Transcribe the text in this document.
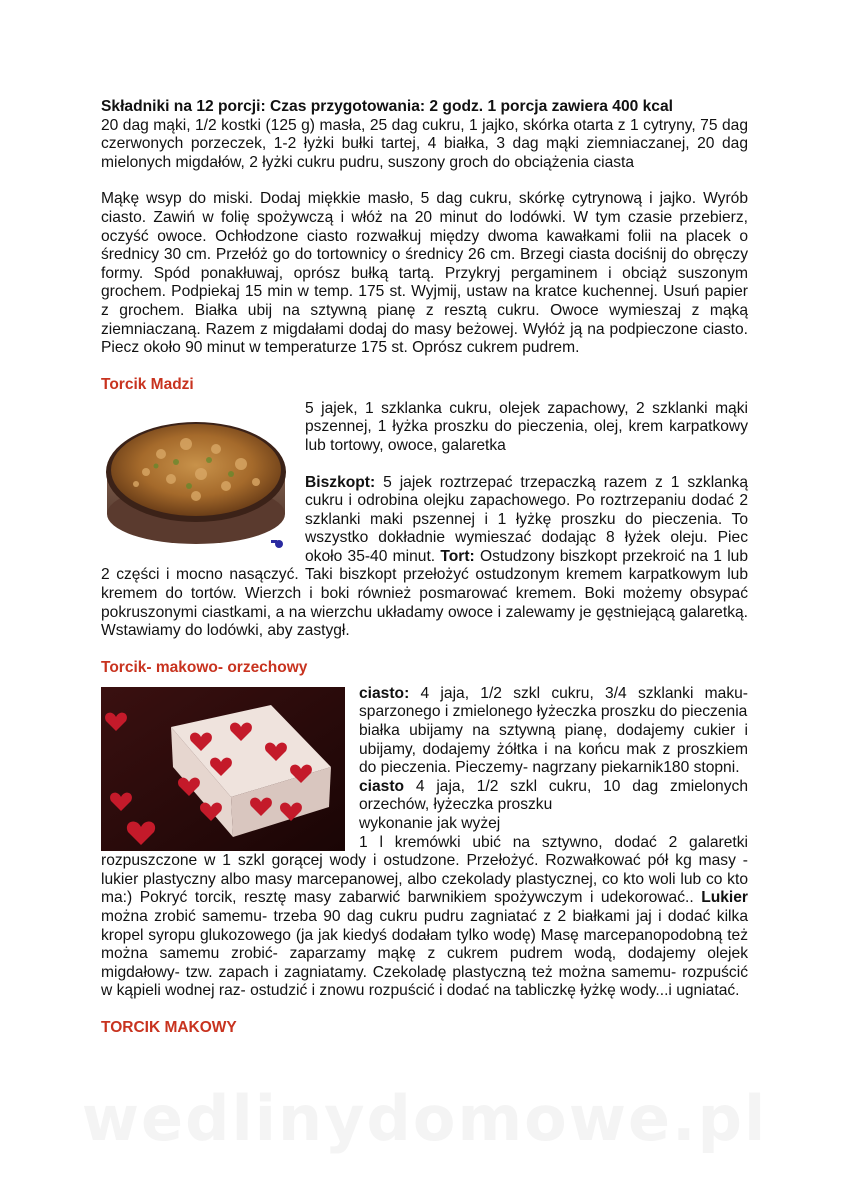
Składniki na 12 porcji: Czas przygotowania: 2 godz. 1 porcja zawiera 400 kcal

20 dag mąki, 1/2 kostki (125 g) masła, 25 dag cukru, 1 jajko, skórka otarta z 1 cytryny, 75 dag czerwonych porzeczek, 1-2 łyżki bułki tartej, 4 białka, 3 dag mąki ziemniaczanej, 20 dag mielonych migdałów, 2 łyżki cukru pudru, suszony groch do obciążenia ciasta

Mąkę wsyp do miski. Dodaj miękkie masło, 5 dag cukru, skórkę cytrynową i jajko. Wyrób ciasto. Zawiń w folię spożywczą i włóż na 20 minut do lodówki. W tym czasie przebierz, oczyść owoce. Ochłodzone ciasto rozwałkuj między dwoma kawałkami folii na placek o średnicy 30 cm. Przełóż go do tortownicy o średnicy 26 cm. Brzegi ciasta dociśnij do obręczy formy. Spód ponakłuwaj, oprósz bułką tartą. Przykryj pergaminem i obciąż suszonym grochem. Podpiekaj 15 min w temp. 175 st. Wyjmij, ustaw na kratce kuchennej. Usuń papier z grochem. Białka ubij na sztywną pianę z resztą cukru. Owoce wymieszaj z mąką ziemniaczaną. Razem z migdałami dodaj do masy beżowej. Wyłóż ją na podpieczone ciasto. Piecz około 90 minut w temperaturze 175 st. Oprósz cukrem pudrem.

Torcik Madzi

5 jajek, 1 szklanka cukru, olejek zapachowy, 2 szklanki mąki pszennej, 1 łyżka proszku do pieczenia, olej, krem karpatkowy lub tortowy, owoce, galaretka

Biszkopt: 5 jajek roztrzepać trzepaczką razem z 1 szklanką cukru i odrobina olejku zapachowego. Po roztrzepaniu dodać 2 szklanki maki pszennej i 1 łyżkę proszku do pieczenia. To wszystko dokładnie wymieszać dodając 8 łyżek oleju. Piec około 35-40 minut. Tort: Ostudzony biszkopt przekroić na 1 lub 2 części i mocno nasączyć. Taki biszkopt przełożyć ostudzonym kremem karpatkowym lub kremem do tortów. Wierzch i boki również posmarować kremem. Boki możemy obsypać pokruszonymi ciastkami, a na wierzchu układamy owoce i zalewamy je gęstniejącą galaretką. Wstawiamy do lodówki, aby zastygł.

Torcik- makowo- orzechowy

ciasto: 4 jaja, 1/2 szkl cukru, 3/4 szklanki maku-sparzonego i zmielonego łyżeczka proszku do pieczenia

białka ubijamy na sztywną pianę, dodajemy cukier i ubijamy, dodajemy żółtka i na końcu mak z proszkiem do pieczenia. Pieczemy- nagrzany piekarnik180 stopni.

ciasto 4 jaja, 1/2 szkl cukru, 10 dag zmielonych orzechów, łyżeczka proszku

wykonanie jak wyżej

1 l kremówki ubić na sztywno, dodać 2 galaretki rozpuszczone w 1 szkl gorącej wody i ostudzone. Przełożyć. Rozwałkować pół kg masy - lukier plastyczny albo masy marcepanowej, albo czekolady plastycznej, co kto woli lub co kto ma:) Pokryć torcik, resztę masy zabarwić barwnikiem spożywczym i udekorować.. Lukier można zrobić samemu- trzeba 90 dag cukru pudru zagniatać z 2 białkami jaj i dodać kilka kropel syropu glukozowego (ja jak kiedyś dodałam tylko wodę) Masę marcepanopodobną też można samemu zrobić- zaparzamy mąkę z cukrem pudrem wodą, dodajemy olejek migdałowy- tzw. zapach i zagniatamy. Czekoladę plastyczną też można samemu- rozpuścić w kąpieli wodnej raz- ostudzić i znowu rozpuścić i dodać na tabliczkę łyżkę wody...i ugniatać.

TORCIK MAKOWY

wedlinydomowe.pl
